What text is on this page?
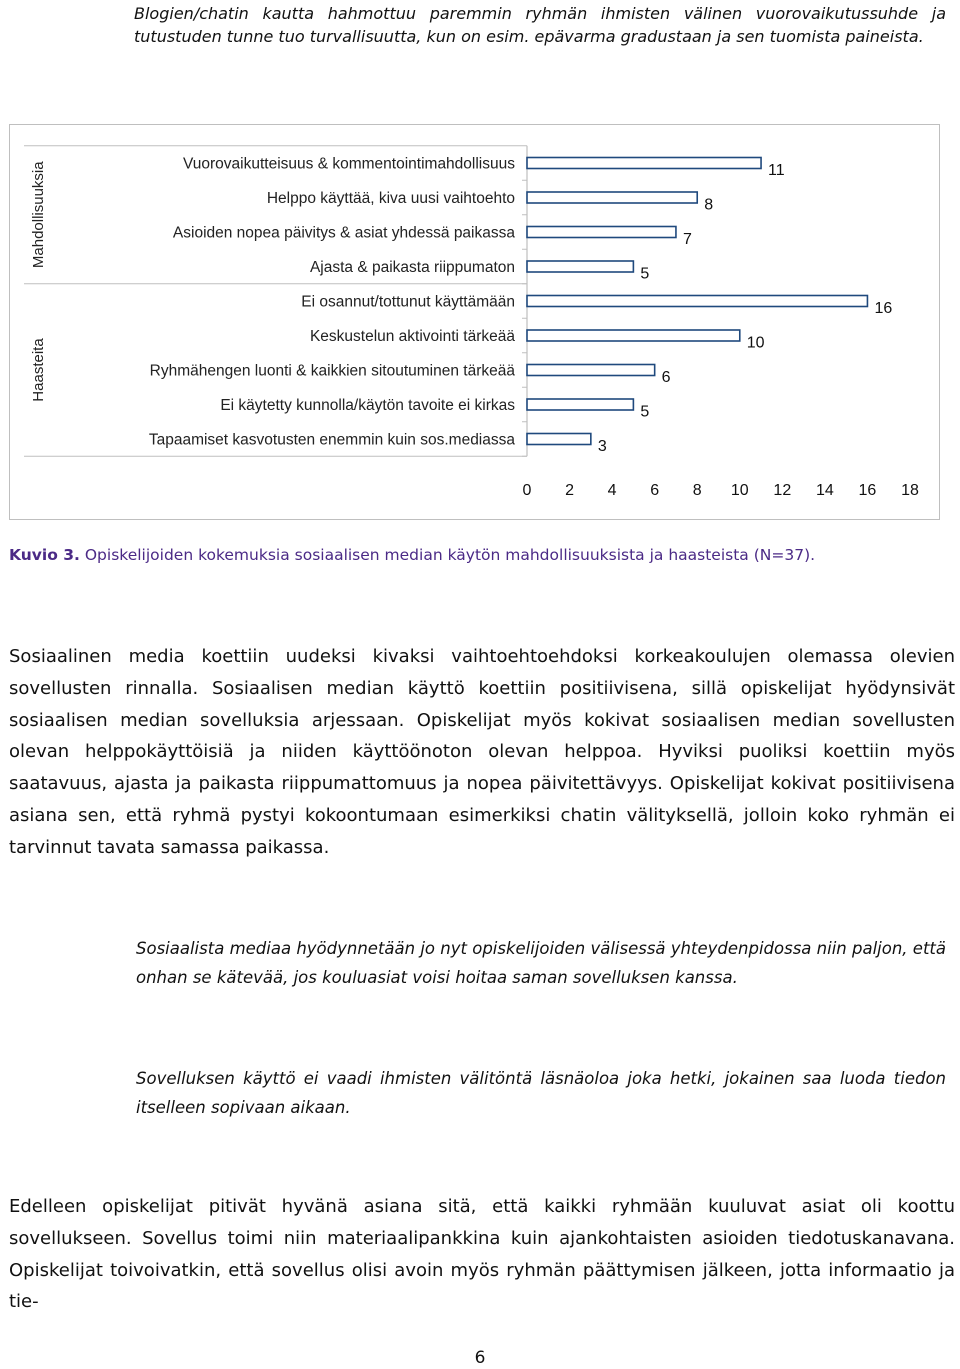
Blogien/chatin kautta hahmottuu paremmin ryhmän ihmisten välinen vuorovaikutussuhde ja tutustuden tunne tuo turvallisuutta, kun on esim. epävarma gradustaan ja sen tuomista paineista.
Mahdollisuuksia
Haasteita
Vuorovaikutteisuus & kommentointimahdollisuus	11
Helppo käyttää, kiva uusi vaihtoehto	8
Asioiden nopea päivitys & asiat yhdessä paikassa	7
Ajasta & paikasta riippumaton	5
Ei osannut/tottunut käyttämään	16
Keskustelun aktivointi tärkeää	10
Ryhmähengen luonti & kaikkien sitoutuminen tärkeää	6
Ei käytetty kunnolla/käytön tavoite ei kirkas	5
Tapaamiset kasvotusten enemmin kuin sos.mediassa	3
0 2 4 6 8 10 12 14 16 18
Kuvio 3. Opiskelijoiden kokemuksia sosiaalisen median käytön mahdollisuuksista ja haasteista (N=37).
Sosiaalinen media koettiin uudeksi kivaksi vaihtoehtoehdoksi korkeakoulujen olemassa olevien sovellusten rinnalla. Sosiaalisen median käyttö koettiin positiivisena, sillä opiskelijat hyödynsivät sosiaalisen median sovelluksia arjessaan. Opiskelijat myös kokivat sosiaalisen median sovellusten olevan helppokäyttöisiä ja niiden käyttöönoton olevan helppoa. Hyviksi puoliksi koettiin myös saatavuus, ajasta ja paikasta riippumattomuus ja nopea päivitettävyys. Opiskelijat kokivat positiivisena asiana sen, että ryhmä pystyi kokoontumaan esimerkiksi chatin välityksellä, jolloin koko ryhmän ei tarvinnut tavata samassa paikassa.
Sosiaalista mediaa hyödynnetään jo nyt opiskelijoiden välisessä yhteydenpidossa niin paljon, että onhan se kätevää, jos kouluasiat voisi hoitaa saman sovelluksen kanssa.
Sovelluksen käyttö ei vaadi ihmisten välitöntä läsnäoloa joka hetki, jokainen saa luoda tiedon itselleen sopivaan aikaan.
Edelleen opiskelijat pitivät hyvänä asiana sitä, että kaikki ryhmään kuuluvat asiat oli koottu sovellukseen. Sovellus toimi niin materiaalipankkina kuin ajankohtaisten asioiden tiedotuskanavana. Opiskelijat toivoivatkin, että sovellus olisi avoin myös ryhmän päättymisen jälkeen, jotta informaatio ja tie-
6
